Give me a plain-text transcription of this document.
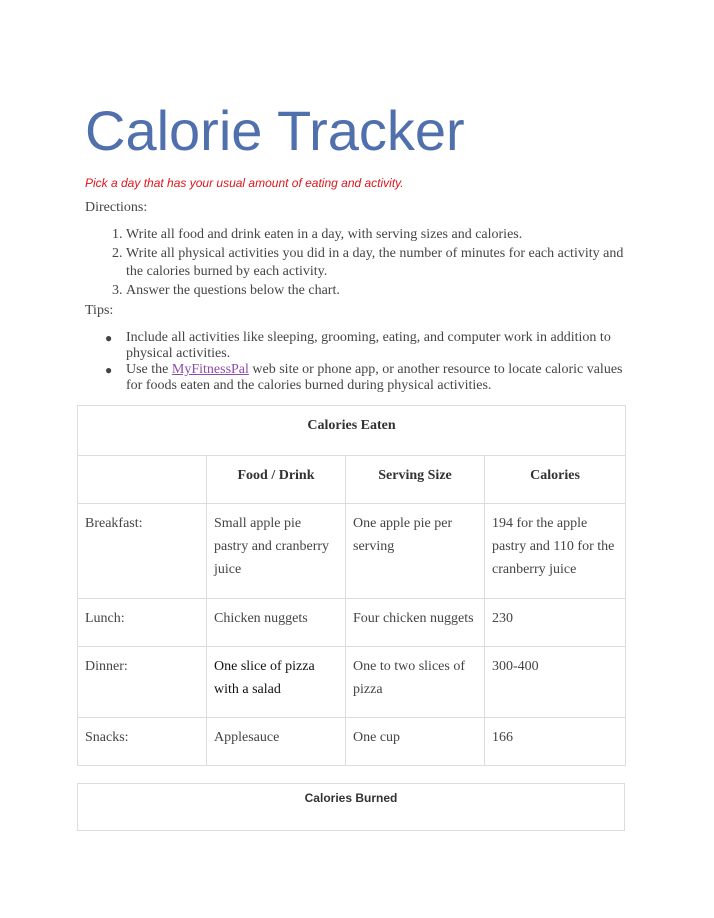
Calorie Tracker
Pick a day that has your usual amount of eating and activity.
Directions:
1. Write all food and drink eaten in a day, with serving sizes and calories.
2. Write all physical activities you did in a day, the number of minutes for each activity and the calories burned by each activity.
3. Answer the questions below the chart.
Tips:
● Include all activities like sleeping, grooming, eating, and computer work in addition to physical activities.
● Use the MyFitnessPal web site or phone app, or another resource to locate caloric values for foods eaten and the calories burned during physical activities.
Calories Eaten			
	Food / Drink	Serving Size	Calories
Breakfast:	Small apple pie pastry and cranberry juice	One apple pie per serving	194 for the apple pastry and 110 for the cranberry juice
Lunch:	Chicken nuggets	Four chicken nuggets	230
Dinner:	One slice of pizza with a salad	One to two slices of pizza	300-400
Snacks:	Applesauce	One cup	166
Calories Burned
